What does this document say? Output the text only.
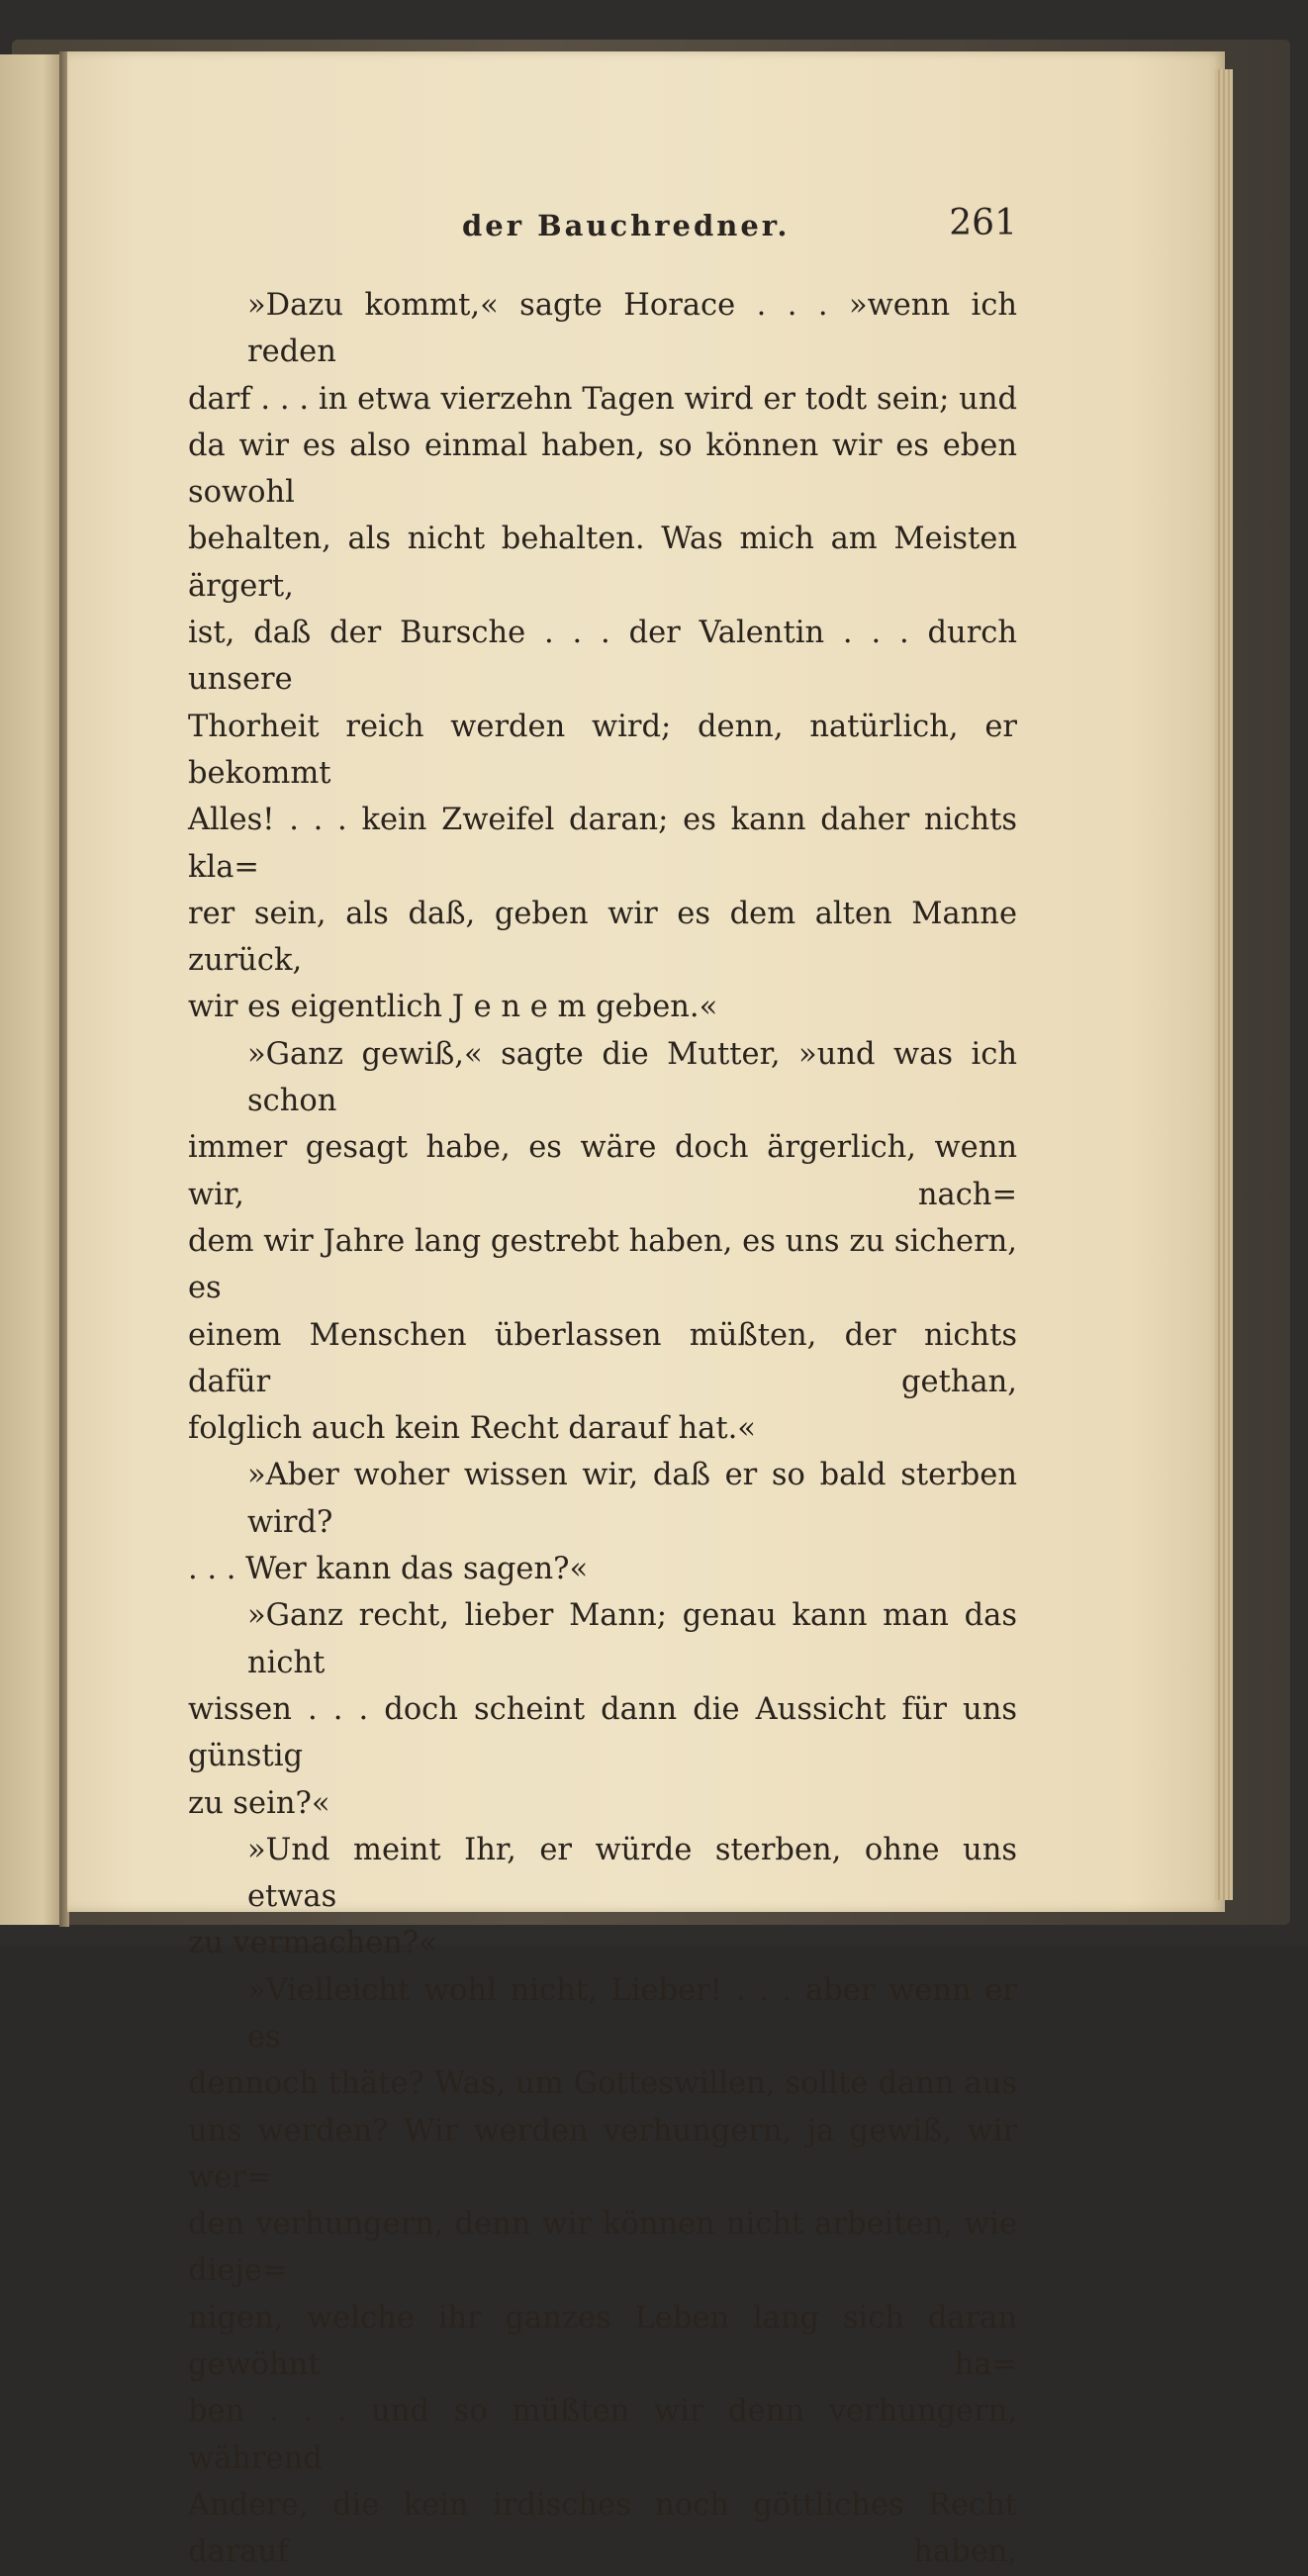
der Bauchredner.	261
»Dazu kommt,« sagte Horace . . . »wenn ich reden
darf . . . in etwa vierzehn Tagen wird er todt sein; und
da wir es also einmal haben, so können wir es eben sowohl
behalten, als nicht behalten. Was mich am Meisten ärgert,
ist, daß der Bursche . . . der Valentin . . . durch unsere
Thorheit reich werden wird; denn, natürlich, er bekommt
Alles! . . . kein Zweifel daran; es kann daher nichts kla=
rer sein, als daß, geben wir es dem alten Manne zurück,
wir es eigentlich J e n e m geben.«
»Ganz gewiß,« sagte die Mutter, »und was ich schon
immer gesagt habe, es wäre doch ärgerlich, wenn wir, nach=
dem wir Jahre lang gestrebt haben, es uns zu sichern, es
einem Menschen überlassen müßten, der nichts dafür gethan,
folglich auch kein Recht darauf hat.«
»Aber woher wissen wir, daß er so bald sterben wird?
. . . Wer kann das sagen?«
»Ganz recht, lieber Mann; genau kann man das nicht
wissen . . . doch scheint dann die Aussicht für uns günstig
zu sein?«
»Und meint Ihr, er würde sterben, ohne uns etwas
zu vermachen?«
»Vielleicht wohl nicht, Lieber! . . . aber wenn er es
dennoch thäte? Was, um Gotteswillen, sollte dann aus
uns werden? Wir werden verhungern, ja gewiß, wir wer=
den verhungern, denn wir können nicht arbeiten, wie dieje=
nigen, welche ihr ganzes Leben lang sich daran gewöhnt ha=
ben . . . und so müßten wir denn verhungern, während
Andere, die kein irdisches noch göttliches Recht darauf haben,
